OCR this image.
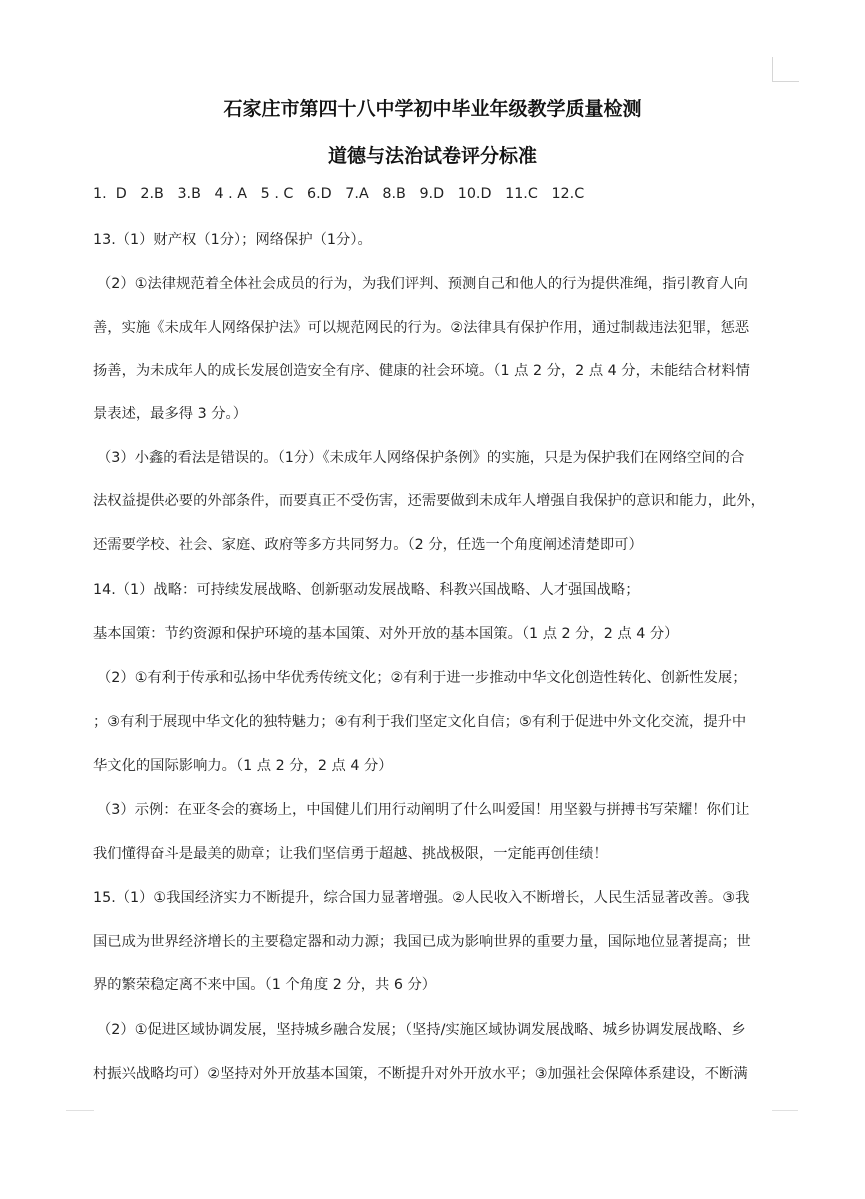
石家庄市第四十八中学初中毕业年级教学质量检测
道德与法治试卷评分标准
1.  D   2.B   3.B   4 . A   5 . C   6.D   7.A   8.B   9.D   10.D   11.C   12.C
13.（1）财产权（1分）；网络保护（1分）。
（2）①法律规范着全体社会成员的行为，为我们评判、预测自己和他人的行为提供准绳，指引教育人向
善，实施《未成年人网络保护法》可以规范网民的行为。②法律具有保护作用，通过制裁违法犯罪，惩恶
扬善，为未成年人的成长发展创造安全有序、健康的社会环境。（1 点 2 分，2 点 4 分，未能结合材料情
景表述，最多得 3 分。）
（3）小鑫的看法是错误的。（1分）《未成年人网络保护条例》的实施，只是为保护我们在网络空间的合
法权益提供必要的外部条件，而要真正不受伤害，还需要做到未成年人增强自我保护的意识和能力，此外，
还需要学校、社会、家庭、政府等多方共同努力。（2 分，任选一个角度阐述清楚即可）
14.（1）战略：可持续发展战略、创新驱动发展战略、科教兴国战略、人才强国战略；
基本国策：节约资源和保护环境的基本国策、对外开放的基本国策。（1 点 2 分，2 点 4 分）
（2）①有利于传承和弘扬中华优秀传统文化；②有利于进一步推动中华文化创造性转化、创新性发展；
；③有利于展现中华文化的独特魅力；④有利于我们坚定文化自信；⑤有利于促进中外文化交流，提升中
华文化的国际影响力。（1 点 2 分，2 点 4 分）
（3）示例：在亚冬会的赛场上，中国健儿们用行动阐明了什么叫爱国！用坚毅与拼搏书写荣耀！你们让
我们懂得奋斗是最美的勋章；让我们坚信勇于超越、挑战极限，一定能再创佳绩！
15.（1）①我国经济实力不断提升，综合国力显著增强。②人民收入不断增长，人民生活显著改善。③我
国已成为世界经济增长的主要稳定器和动力源；我国已成为影响世界的重要力量，国际地位显著提高；世
界的繁荣稳定离不来中国。（1 个角度 2 分，共 6 分）
（2）①促进区域协调发展，坚持城乡融合发展；（坚持/实施区域协调发展战略、城乡协调发展战略、乡
村振兴战略均可）②坚持对外开放基本国策，不断提升对外开放水平；③加强社会保障体系建设，不断满
